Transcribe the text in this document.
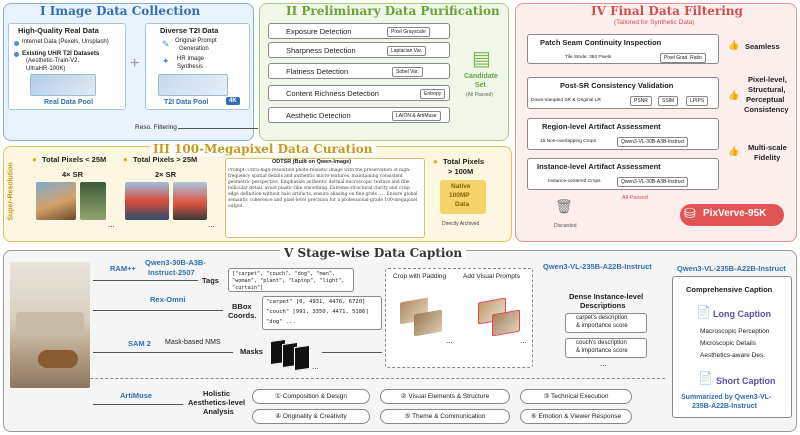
I Image Data Collection
High-Quality Real Data
Internet Data (Pexels, Unsplash)
Existing UHR T2I Datasets
(Aesthetic-Train-V2,
UltraHR-100K)
Real Data Pool
+
Diverse T2I Data
✎ Original Prompt
Generation
✦ HR Image
Synthesis
T2I Data Pool	4K
Reso. Filtering
II Preliminary Data Purification
Exposure Detection	Pixel Grayscale
Sharpness Detection	Laplacian Var.
Flatness Detection	Sobel Var.
Content Richness Detection	Entropy
Aesthetic Detection	LAION & ArtiMuse
▤
Candidate
Set
(All Passed)
III 100-Megapixel Data Curation
Super-Resolution
● Total Pixels < 25M ● Total Pixels > 25M
4× SR	2× SR
...	...
ODTSR (Built on Qwen-Image)
Prompt: Ultra-high-resolution photo-realistic image with the preservation of high-frequency spatial details and authentic micro-textures, maintaining consistent geometric perspective. Emphasize authentic dermal microscopic texture and fine follicular detail, avoid plastic-like smoothing. Extreme structural clarity and crisp edge definition without halo artifacts, ensure aliasing on fine grids ..... Ensure global semantic coherence and pixel-level precision for a professional-grade 100-megapixel output.
● Total Pixels
> 100M
Native
100MP
Data
Directly Archived
IV Final Data Filtering
(Tailored for Synthetic Data)
Patch Seam Continuity Inspection
Tile Stride: 384 Pixels	Pixel Grad. Ratio
Post-SR Consistency Validation
Down-sampled SR & Original LR	PSNR	SSIM	LPIPS
Region-level Artifact Assessment
16 Non-overlapping Crops	Qwen3-VL-30B-A3B-Instruct
Instance-level Artifact Assessment
Instance-centered Crops	Qwen3-VL-30B-A3B-Instruct
👍 Seamless
👍
Pixel-level,
Structural,
Perceptual
Consistency
👍 Multi-scale
Fidelity
All Passed
🗑
Discarded
⛁ PixVerve-95K
V Stage-wise Data Caption
RAM++
Qwen3-30B-A3B-
Instruct-2507
Tags
["carpet", "couch", "dog", "man", "woman", "plant", "laptop", "light", "curtain"]
Rex-Omni
BBox
Coords.
"carpet" [0, 4931, 4476, 6720]
"couch" [991, 3350, 4471, 5186]
"dog" ...
SAM 2 Mask-based NMS
Masks
...
Crop with Padding	Add Visual Prompts
...	...
Qwen3-VL-235B-A22B-Instruct
Dense Instance-level
Descriptions
carpet's description
& importance score
couch's description
& importance score
...
Qwen3-VL-235B-A22B-Instruct
Comprehensive Caption
📄 Long Caption
Macroscopic Perception
Microscopic Details
Aesthetics-aware Des.
📄 Short Caption
Summarized by Qwen3-VL-
235B-A22B-Instruct
ArtiMuse	Holistic
Aesthetics-level
Analysis
① Composition & Design	② Visual Elements & Structure	③ Technical Execution
④ Originality & Creativity	⑤ Theme & Communication	⑥ Emotion & Viewer Response
